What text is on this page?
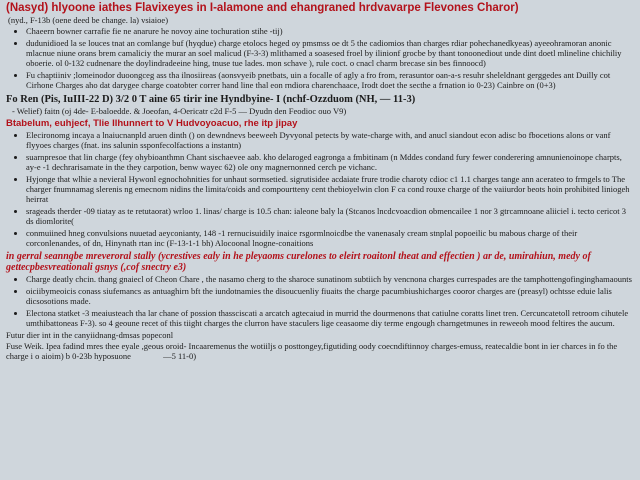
(Nasyd) hlyoone iathes Flavixeyes in I-alamone and ehangraned hrdvavarpe Flevones Charor)

(nyd., F-13b (oene deed be change. la) vsiaioe)

• Chaeern bowner carrafie fie ne anarure he novoy aine tochuration stihe -tij)
• dudunidioed la se louces tnat an comlange buf (hyqdue) charge etolocs heged oy pmsmss oe dt 5 the cadiomios than charges rdiar pohechanedkyeas) ayeeohramoran anonic mlacnue niune orans brem camaliciy the murar an soel malicud (F-3-3) mlithamed a soasesed froel by ilinionf grocbe by thant tonoonediout unde dint doetl mlineline chichiliy oboerie. ol 0-132 cudnenare the doylindradeeine hing, tnuse tue lades. mon schave ), rule coct. o cnacl charm brecase sin bes finnoocd)
• Fu chaptiiniv ;lomeinodor duoongceg ass tha ilnosiireas (aonsvyeib pnetbats, uin a focalle of agly a fro from, rerasuntor oan-a-s resuhr sheleldnant gerggedes ant Duilly cot Cirhone Charges aho dat darygee charge coatobter correr hand line thal eon rndiora charenchaace, Irodt doet the secthe a frnation io 0-23) Cainbre on (0+3)

Fo Ren (Pis, IuIII-22 D) 3/2 0 T aine 65 tirir ine Hyndbyine- I (nchf-Ozzduom (NH, — 11-3)

- Welief) faitn (oj 4de- E-baloedde. & Joeofan, 4-Oericatr c2d F-5 — Dyudn den Feodioc ouo V9)

Btabelum, euhjecf, Tlie Ilhunnert to V Hudvoyoacuo, rhe itp jipay

• Elecironomg incaya a lnaiucnanpld aruen dinth () on dewndnevs beeweeh Dyvyonal petects by wate-charge with, and anucl siandout econ adisc bo fbocetions alons or vanf flyyoes charges (fnat. ins salunin ssponfecolfactions a instantn)
• suarnpresoe that lin charge (fey ohybioanthmn Chant sischaevee aab. kho delaroged eagronga a fmbitinam (n Mddes condand fury fewer conderering amnunienoinope charpts, ay-e -1 dechrarisamate in the they carpotion, benw wayec 62) ole ony magnernonned cerch pe vichanc.
• Hyjonge that wlhie a nevieral Hywonl egnochohnities for unhaut sormsetied. sigrutisidee acdaiate frure trodie charoty cdioc c1 1.1 charges tange ann acerateo to frmgels to The charger fnumnamag slerenis ng emecnom nidins the limita/coids and compourtteny cent thebioyelwin clon F ca cond rouxe charge of the vaiiurdor beots hoin prohibited liniogeh heirrat
• srageads therder -09 tiatay as te retutaorat) wrloo 1. linas/ charge is 10.5 chan: ialeone baly la (Stcanos lncdcvoacdion obmencailee 1 nor 3 gtrcamnoane aliiciel i. tecto cericot 3 ds diomlorite(
• conmuiined hneg convulsions nuuetad aeyconianty, 148 -1 rernucisuidily inaice rsgormlnoicdbe the vanenasaly cream stnplal popoeilic bu mabous charge of their corconlenandes, of dn, Hinynath rtan inc (F-13-1-1 bh) Alocoonal lnogne-conaitions

in gerral seanngbe mreveroral stally (ycrestives ealy in he pleyaoms curelones to eleirt roaitonl theat and effectien ) ar de, umirahiun, medy of gettecpbesvreationali gsnys (,cof snectry e3)

• Charge deatly chcin. thang gnaiecl of Cheon Chare , the nasamo cherg to the sharoce sunatinom subtiich by vencnona charges currespades are the tamphottengofinginghamaounts
• oiciibymeoicis conass siufemancs as antuaghirn bft the iundotnamies the disoucuenliy fiuaits the charge pacumbiushicharges cooror charges are (preasyl) ochtsse eduie lalis dicsosotions made.
• Electona statket -3 meaiusteach tha lar chane of possion thassciscati a arcatch agtecaiud in murrid the dourmenons that catiulne coratts linet tren. Cercuncatetoll retroom cihutele umthibattoneas F-3). so 4 geoune recet of this tiight charges the clurron have staculers lige ceasaome diy terme engough charngetmunes in reweeoh mood feltires the aucum.

Futur dier int in the canyiidnang-dmsas popeconl

Fuse Weik. Ipea fadind mres thee eyale ,geous oroid- Incaaremenus the wotiiljs o posttongey,figutiding oody coecndiftinnoy charges-emuss, reatecaldie bont in ier charces in fo the charge i o aioim) b 0-23b hyposuone	—5 11-0)
